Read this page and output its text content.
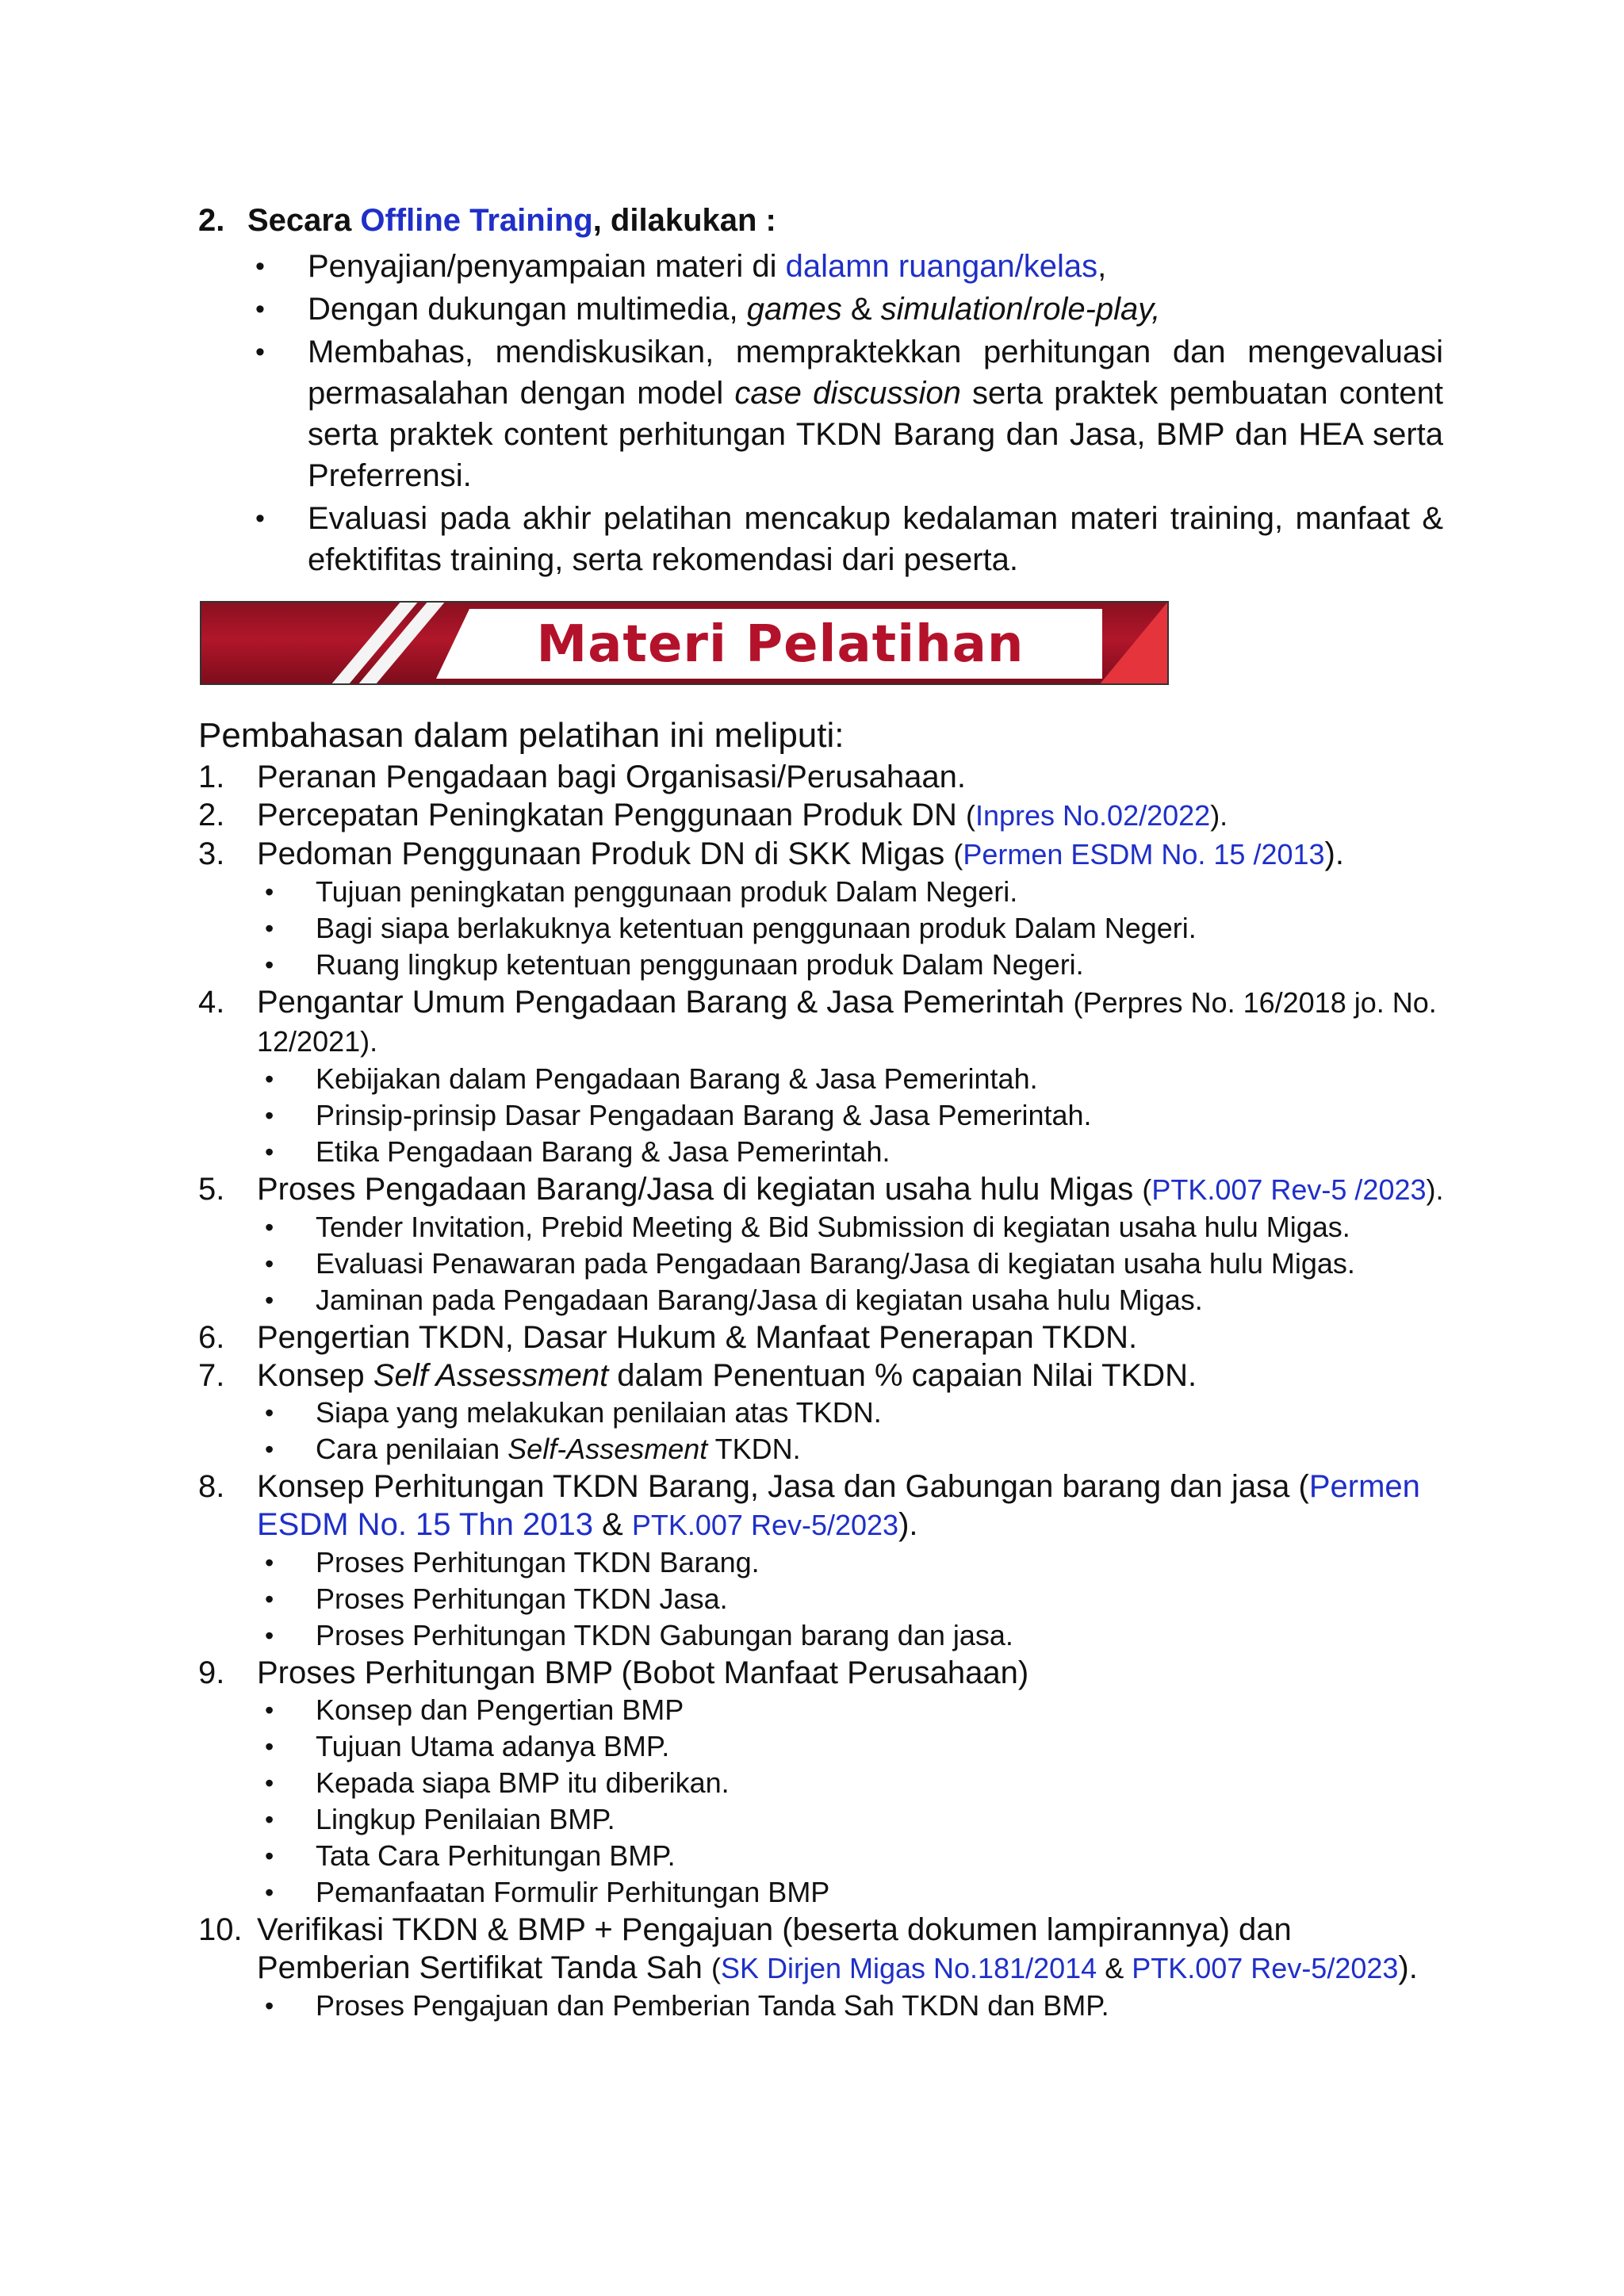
2. Secara Offline Training, dilakukan :

• Penyajian/penyampaian materi di dalamn ruangan/kelas,
• Dengan dukungan multimedia, games & simulation/role-play,
• Membahas, mendiskusikan, mempraktekkan perhitungan dan mengevaluasi permasalahan dengan model case discussion serta praktek pembuatan content serta praktek content perhitungan TKDN Barang dan Jasa, BMP dan HEA serta Preferrensi.
• Evaluasi pada akhir pelatihan mencakup kedalaman materi training, manfaat & efektifitas training, serta rekomendasi dari peserta.
Materi Pelatihan

Pembahasan dalam pelatihan ini meliputi:

1. Peranan Pengadaan bagi Organisasi/Perusahaan.
2. Percepatan Peningkatan Penggunaan Produk DN (Inpres No.02/2022).
3. Pedoman Penggunaan Produk DN di SKK Migas (Permen ESDM No. 15 /2013).
• Tujuan peningkatan penggunaan produk Dalam Negeri.
• Bagi siapa berlakuknya ketentuan penggunaan produk Dalam Negeri.
• Ruang lingkup ketentuan penggunaan produk Dalam Negeri.
4. Pengantar Umum Pengadaan Barang & Jasa Pemerintah (Perpres No. 16/2018 jo. No. 12/2021).
• Kebijakan dalam Pengadaan Barang & Jasa Pemerintah.
• Prinsip-prinsip Dasar Pengadaan Barang & Jasa Pemerintah.
• Etika Pengadaan Barang & Jasa Pemerintah.
5. Proses Pengadaan Barang/Jasa di kegiatan usaha hulu Migas (PTK.007 Rev-5 /2023).
• Tender Invitation, Prebid Meeting & Bid Submission di kegiatan usaha hulu Migas.
• Evaluasi Penawaran pada Pengadaan Barang/Jasa di kegiatan usaha hulu Migas.
• Jaminan pada Pengadaan Barang/Jasa di kegiatan usaha hulu Migas.
6. Pengertian TKDN, Dasar Hukum & Manfaat Penerapan TKDN.
7. Konsep Self Assessment dalam Penentuan % capaian Nilai TKDN.
• Siapa yang melakukan penilaian atas TKDN.
• Cara penilaian Self-Assesment TKDN.
8. Konsep Perhitungan TKDN Barang, Jasa dan Gabungan barang dan jasa (Permen ESDM No. 15 Thn 2013 & PTK.007 Rev-5/2023).
• Proses Perhitungan TKDN Barang.
• Proses Perhitungan TKDN Jasa.
• Proses Perhitungan TKDN Gabungan barang dan jasa.
9. Proses Perhitungan BMP (Bobot Manfaat Perusahaan)
• Konsep dan Pengertian BMP
• Tujuan Utama adanya BMP.
• Kepada siapa BMP itu diberikan.
• Lingkup Penilaian BMP.
• Tata Cara Perhitungan BMP.
• Pemanfaatan Formulir Perhitungan BMP
10. Verifikasi TKDN & BMP + Pengajuan (beserta dokumen lampirannya) dan Pemberian Sertifikat Tanda Sah (SK Dirjen Migas No.181/2014 & PTK.007 Rev-5/2023).
• Proses Pengajuan dan Pemberian Tanda Sah TKDN dan BMP.
